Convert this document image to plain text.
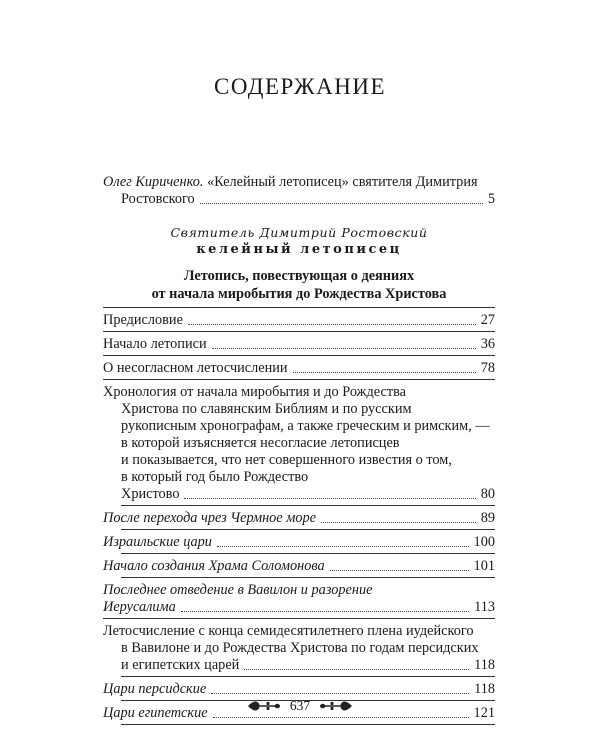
СОДЕРЖАНИЕ
Олег Кириченко. «Келейный летописец» святителя Димитрия
Ростовского	5
Святитель Димитрий Ростовский
келейный летописец
Летопись, повествующая о деяниях
от начала миробытия до Рождества Христова
Предисловие	27
Начало летописи	36
О несогласном летосчислении	78
Хронология от начала миробытия и до Рождества
Христова по славянским Библиям и по русским
рукописным хронографам, а также греческим и римским, —
в которой изъясняется несогласие летописцев
и показывается, что нет совершенного известия о том,
в который год было Рождество
Христово	80
После перехода чрез Чермное море	89
Израильские цари	100
Начало создания Храма Соломонова	101
Последнее отведение в Вавилон и разорение
Иерусалима	113
Летосчисление с конца семидесятилетнего плена иудейского
в Вавилоне и до Рождества Христова по годам персидских
и египетских царей	118
Цари персидские	118
Цари египетские	121
637
